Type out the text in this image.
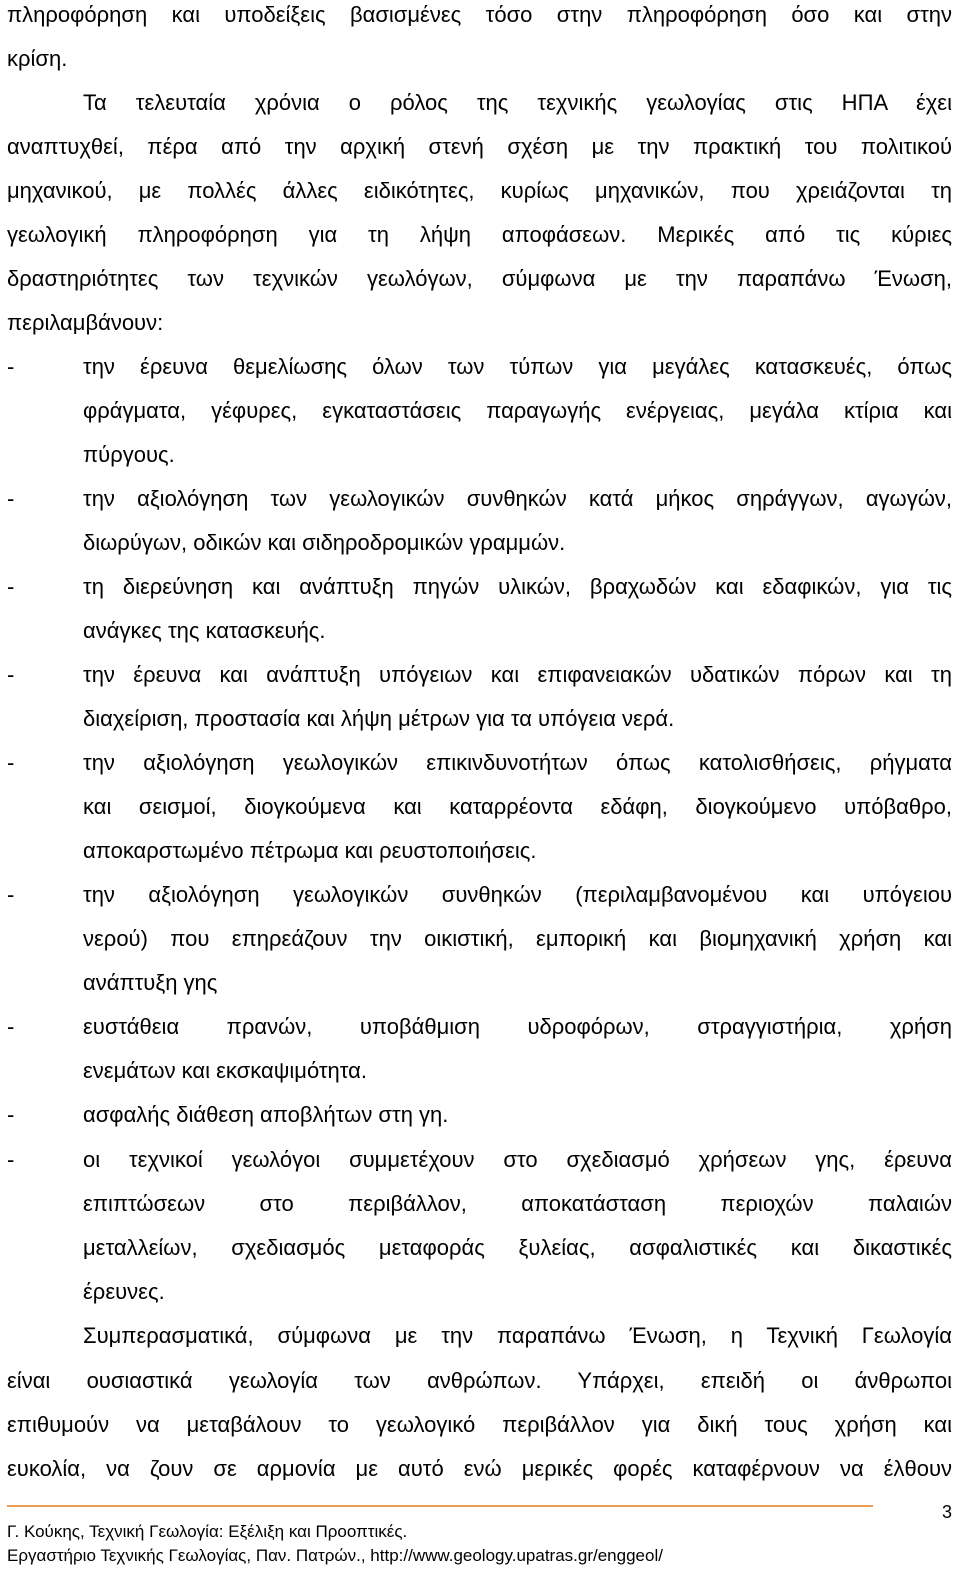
πληροφόρηση και υποδείξεις βασισμένες τόσο στην πληροφόρηση όσο και στην
κρίση.
Τα τελευταία χρόνια ο ρόλος της τεχνικής γεωλογίας στις ΗΠΑ έχει
αναπτυχθεί, πέρα από την αρχική στενή σχέση με την πρακτική του πολιτικού
μηχανικού, με πολλές άλλες ειδικότητες, κυρίως μηχανικών, που χρειάζονται τη
γεωλογική πληροφόρηση για τη λήψη αποφάσεων. Μερικές από τις κύριες
δραστηριότητες των τεχνικών γεωλόγων, σύμφωνα με την παραπάνω Ένωση,
περιλαμβάνουν:
-	την έρευνα θεμελίωσης όλων των τύπων για μεγάλες κατασκευές, όπως
φράγματα, γέφυρες, εγκαταστάσεις παραγωγής ενέργειας, μεγάλα κτίρια και
πύργους.
-	την αξιολόγηση των γεωλογικών συνθηκών κατά μήκος σηράγγων, αγωγών,
διωρύγων, οδικών και σιδηροδρομικών γραμμών.
-	τη διερεύνηση και ανάπτυξη πηγών υλικών, βραχωδών και εδαφικών, για τις
ανάγκες της κατασκευής.
-	την έρευνα και ανάπτυξη υπόγειων και επιφανειακών υδατικών πόρων και τη
διαχείριση, προστασία και λήψη μέτρων για τα υπόγεια νερά.
-	την αξιολόγηση γεωλογικών επικινδυνοτήτων όπως κατολισθήσεις, ρήγματα
και σεισμοί, διογκούμενα και καταρρέοντα εδάφη, διογκούμενο υπόβαθρο,
αποκαρστωμένο πέτρωμα και ρευστοποιήσεις.
-	την αξιολόγηση γεωλογικών συνθηκών (περιλαμβανομένου και υπόγειου
νερού) που επηρεάζουν την οικιστική, εμπορική και βιομηχανική χρήση και
ανάπτυξη γης
-	ευστάθεια πρανών, υποβάθμιση υδροφόρων, στραγγιστήρια, χρήση
ενεμάτων και εκσκαψιμότητα.
-	ασφαλής διάθεση αποβλήτων στη γη.
-	οι τεχνικοί γεωλόγοι συμμετέχουν στο σχεδιασμό χρήσεων γης, έρευνα
επιπτώσεων στο περιβάλλον, αποκατάσταση περιοχών παλαιών
μεταλλείων, σχεδιασμός μεταφοράς ξυλείας, ασφαλιστικές και δικαστικές
έρευνες.
Συμπερασματικά, σύμφωνα με την παραπάνω Ένωση, η Τεχνική Γεωλογία
είναι ουσιαστικά γεωλογία των ανθρώπων. Υπάρχει, επειδή οι άνθρωποι
επιθυμούν να μεταβάλουν το γεωλογικό περιβάλλον για δική τους χρήση και
ευκολία, να ζουν σε αρμονία με αυτό ενώ μερικές φορές καταφέρνουν να έλθουν
3
Γ. Κούκης, Τεχνική Γεωλογία: Εξέλιξη και Προοπτικές.
Εργαστήριο Τεχνικής Γεωλογίας, Παν. Πατρών., http://www.geology.upatras.gr/enggeol/
